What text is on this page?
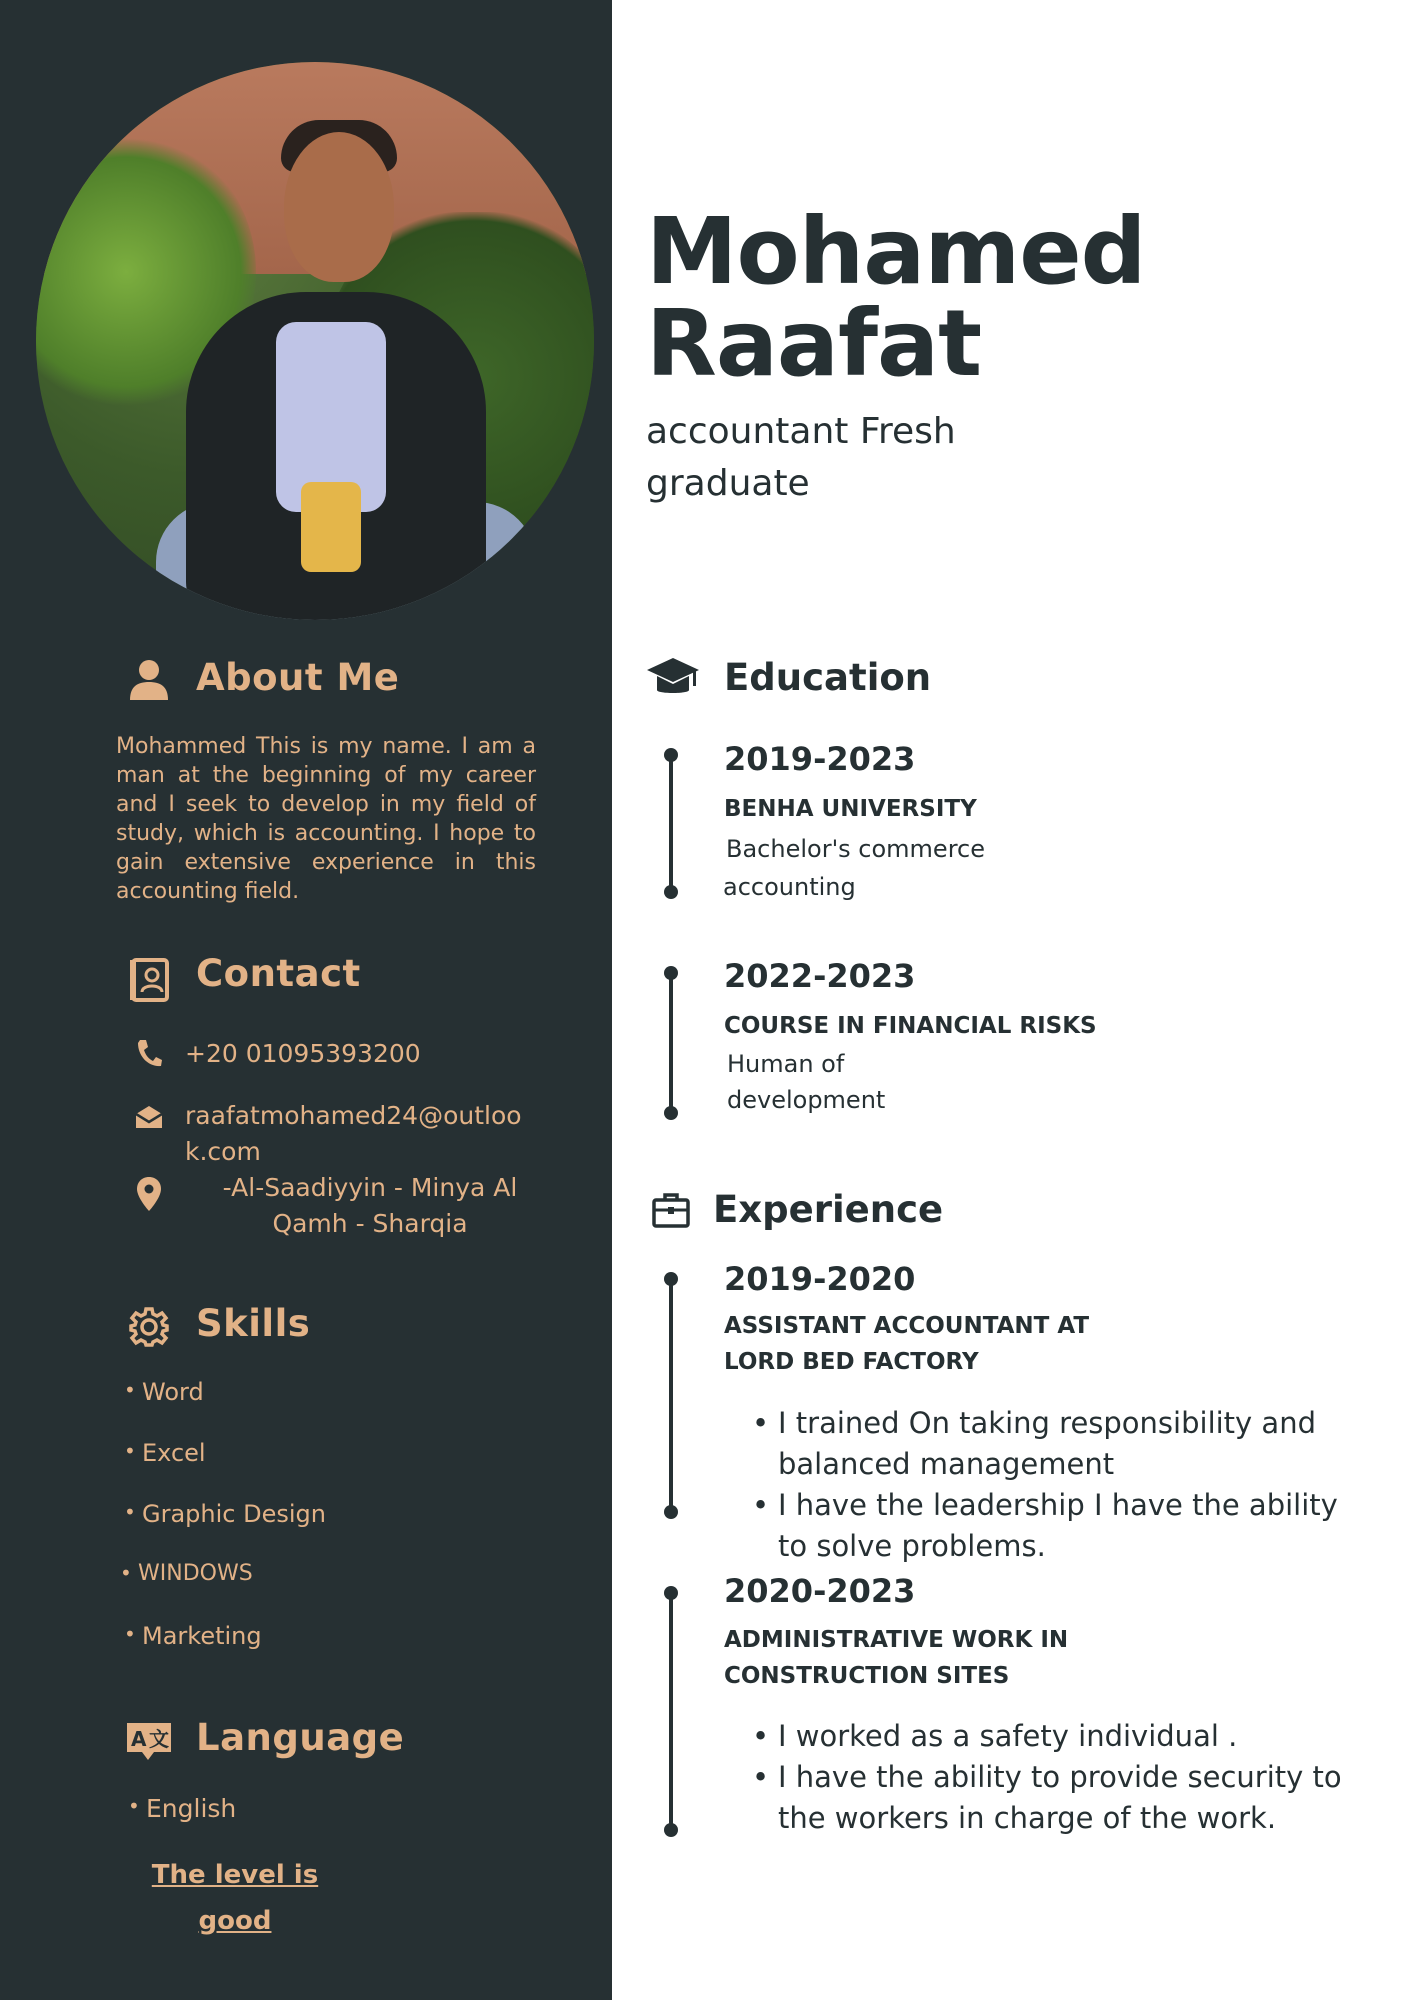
About Me
Mohammed This is my name. I am a man at the beginning of my career and I seek to develop in my field of study, which is accounting. I hope to gain extensive experience in this accounting field.
Contact
+20 01095393200
raafatmohamed24@outloo
k.com
-Al-Saadiyyin - Minya Al
Qamh - Sharqia
Skills
• Word
• Excel
• Graphic Design
• WINDOWS
• Marketing
A 文 Language
• English
The level is
good
Mohamed
Raafat
accountant Fresh
graduate
Education
2019-2023
BENHA UNIVERSITY
Bachelor's commerce
accounting
2022-2023
COURSE IN FINANCIAL RISKS
Human of
development
Experience
2019-2020
ASSISTANT ACCOUNTANT AT
LORD BED FACTORY
• I trained On taking responsibility and balanced management
• I have the leadership I have the ability to solve problems.
2020-2023
ADMINISTRATIVE WORK IN
CONSTRUCTION SITES
• I worked as a safety individual .
• I have the ability to provide security to the workers in charge of the work.
